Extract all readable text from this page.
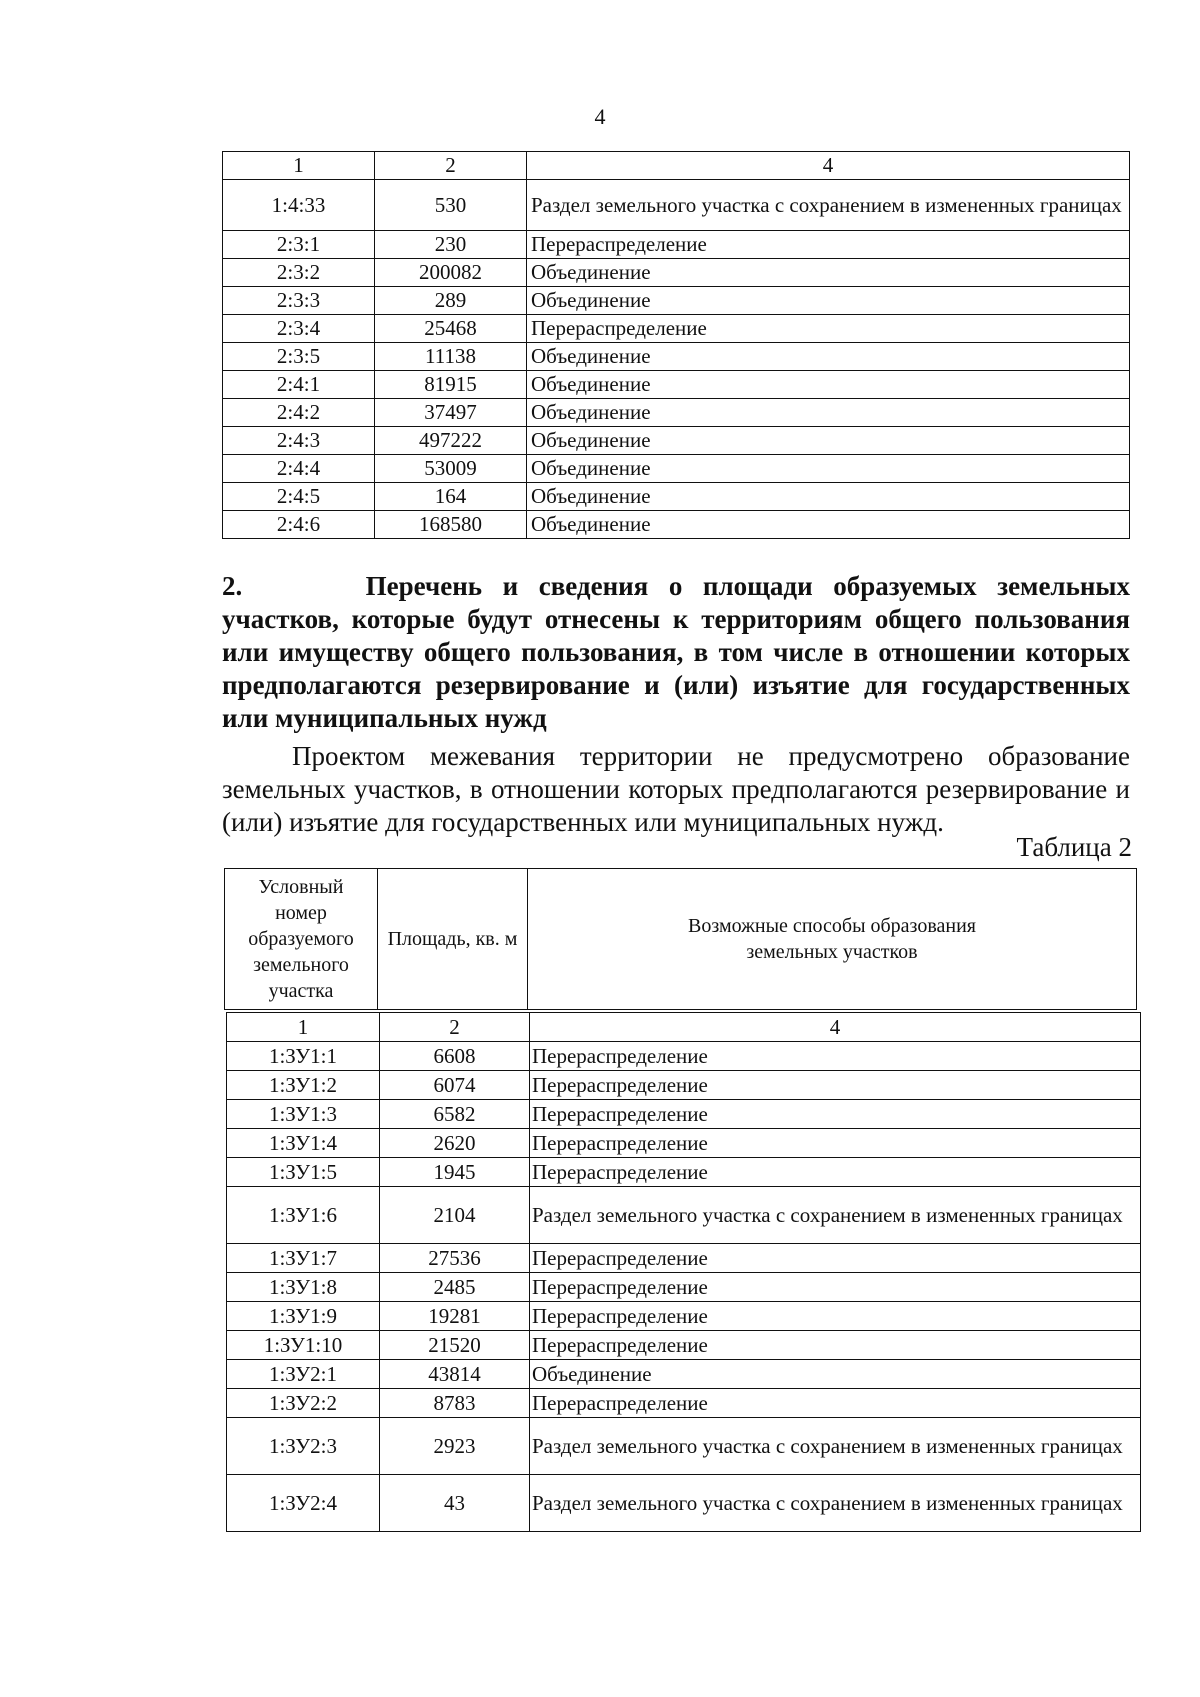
4
1	2	4
1:4:33	530	Раздел земельного участка с сохранением в измененных границах
2:3:1	230	Перераспределение
2:3:2	200082	Объединение
2:3:3	289	Объединение
2:3:4	25468	Перераспределение
2:3:5	11138	Объединение
2:4:1	81915	Объединение
2:4:2	37497	Объединение
2:4:3	497222	Объединение
2:4:4	53009	Объединение
2:4:5	164	Объединение
2:4:6	168580	Объединение
2.      Перечень и сведения о площади образуемых земельных
участков, которые будут отнесены к территориям общего пользования
или имуществу общего пользования, в том числе в отношении которых
предполагаются резервирование и (или) изъятие для государственных
или муниципальных нужд
Проектом межевания территории не предусмотрено образование земельных участков, в отношении которых предполагаются резервирование и (или) изъятие для государственных или муниципальных нужд.
Таблица 2
Условный номер образуемого земельного участка	Площадь, кв. м	Возможные способы образования земельных участков
1	2	4
1:ЗУ1:1	6608	Перераспределение
1:ЗУ1:2	6074	Перераспределение
1:ЗУ1:3	6582	Перераспределение
1:ЗУ1:4	2620	Перераспределение
1:ЗУ1:5	1945	Перераспределение
1:ЗУ1:6	2104	Раздел земельного участка с сохранением в измененных границах
1:ЗУ1:7	27536	Перераспределение
1:ЗУ1:8	2485	Перераспределение
1:ЗУ1:9	19281	Перераспределение
1:ЗУ1:10	21520	Перераспределение
1:ЗУ2:1	43814	Объединение
1:ЗУ2:2	8783	Перераспределение
1:ЗУ2:3	2923	Раздел земельного участка с сохранением в измененных границах
1:ЗУ2:4	43	Раздел земельного участка с сохранением в измененных границах
